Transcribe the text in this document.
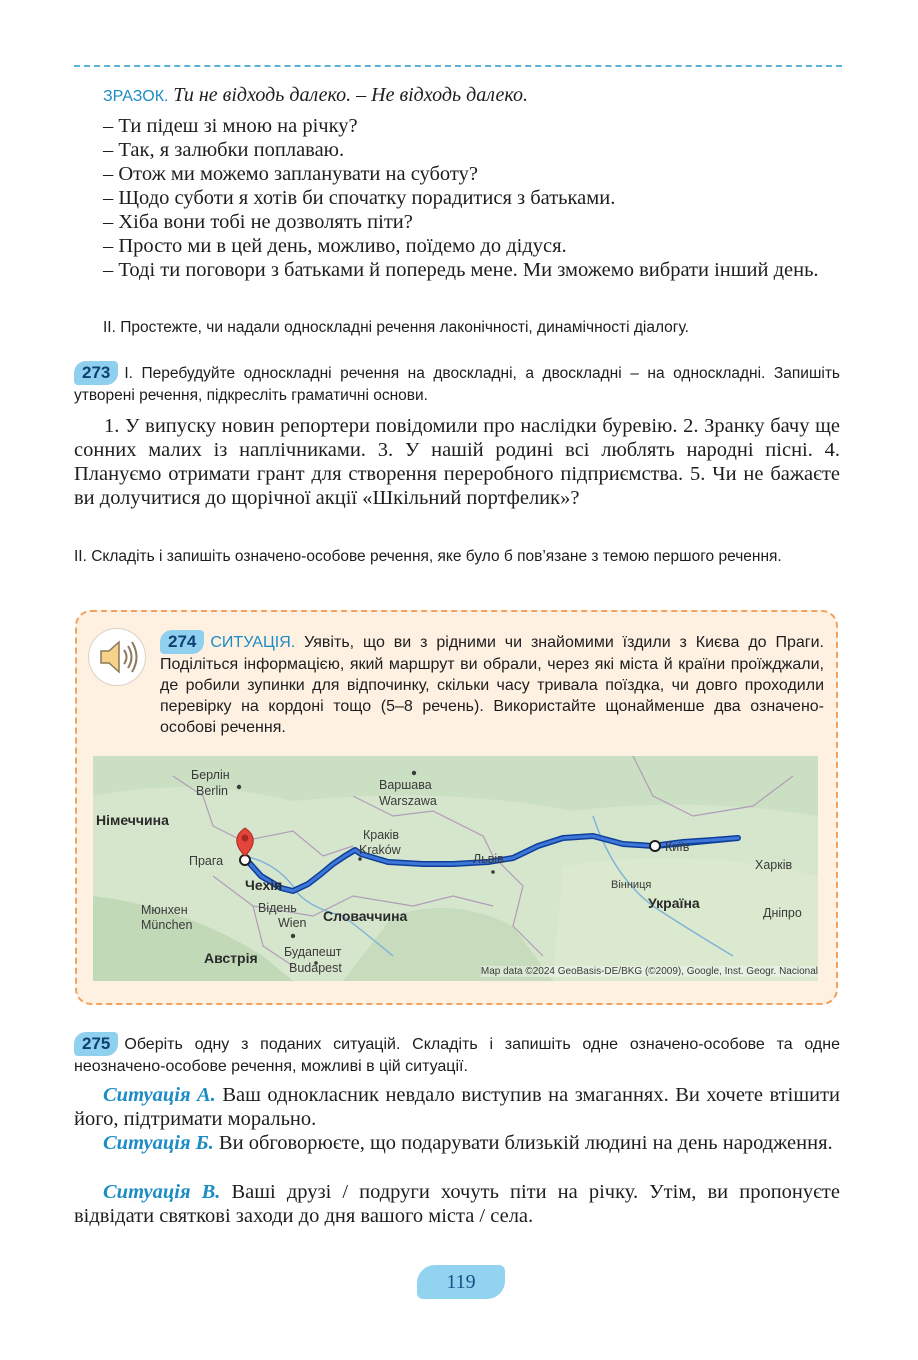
ЗРАЗОК. Ти не відходь далеко. – Не відходь далеко.
– Ти підеш зі мною на річку?
– Так, я залюбки поплаваю.
– Отож ми можемо запланувати на суботу?
– Щодо суботи я хотів би спочатку порадитися з батьками.
– Хіба вони тобі не дозволять піти?
– Просто ми в цей день, можливо, поїдемо до дідуся.
– Тоді ти поговори з батьками й попередь мене. Ми зможемо вибрати інший день.
ІІ. Простежте, чи надали односкладні речення лаконічності, динамічності діалогу.
273 І. Перебудуйте односкладні речення на двоскладні, а двоскладні – на односкладні. Запишіть утворені речення, підкресліть граматичні основи.
1. У випуску новин репортери повідомили про наслідки буревію. 2. Зранку бачу ще сонних малих із наплічниками. 3. У нашій родині всі люблять народні пісні. 4. Плануємо отримати грант для створення переробного підприємства. 5. Чи не бажаєте ви долучитися до щорічної акції «Шкільний портфелик»?
ІІ. Складіть і запишіть означено-особове речення, яке було б пов’язане з темою першого речення.
274 СИТУАЦІЯ. Уявіть, що ви з рідними чи знайомими їздили з Києва до Праги. Поділіться інформацією, який маршрут ви обрали, через які міста й країни проїжджали, де робили зупинки для відпочинку, скільки часу тривала поїздка, чи довго проходили перевірку на кордоні тощо (5–8 речень). Використайте щонайменше два означено-особові речення.
Берлін
Berlin	Варшава
Warszawa
Німеччина
Краків
Kraków
Прага
Чехія
Львів
Київ
Харків
Вінниця
Україна
Мюнхен
München
Відень
Wien Словаччина	Дніпро
Австрія Будапешт
Budapest	Map data ©2024 GeoBasis-DE/BKG (©2009), Google, Inst. Geogr. Nacional
275 Оберіть одну з поданих ситуацій. Складіть і запишіть одне означено-особове та одне неозначено-особове речення, можливі в цій ситуації.
Ситуація А. Ваш однокласник невдало виступив на змаганнях. Ви хочете втішити його, підтримати морально.
Ситуація Б. Ви обговорюєте, що подарувати близькій людині на день народження.
Ситуація В. Ваші друзі / подруги хочуть піти на річку. Утім, ви пропонуєте відвідати святкові заходи до дня вашого міста / села.
119
